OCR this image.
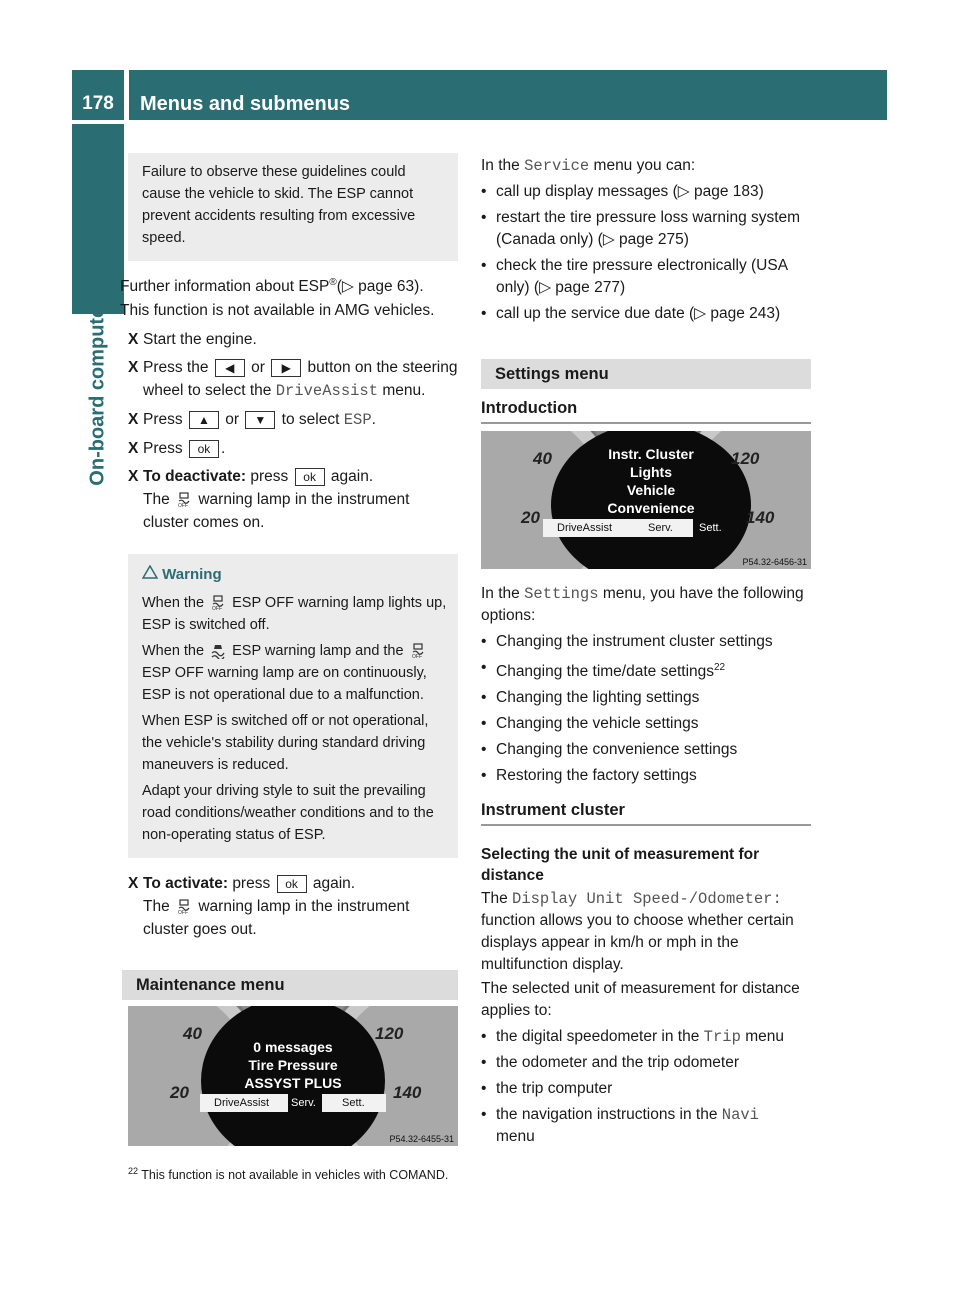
178	Menus and submenus
On-board computer and displays

Failure to observe these guidelines could cause the vehicle to skid. The ESP cannot prevent accidents resulting from excessive speed.

Further information about ESP®(▷ page 63).

This function is not available in AMG vehicles.

X Start the engine.
X Press the ◀ or ▶ button on the steering wheel to select the DriveAssist menu.
X Press ▲ or ▼ to select ESP.
X Press ok .
X To deactivate: press ok again.
The OFF warning lamp in the instrument cluster comes on.
Warning

When the OFF ESP OFF warning lamp lights up, ESP is switched off.

When the ESP warning lamp and the OFF
ESP OFF warning lamp are on continuously, ESP is not operational due to a malfunction.

When ESP is switched off or not operational, the vehicle's stability during standard driving maneuvers is reduced.

Adapt your driving style to suit the prevailing road conditions/weather conditions and to the non-operating status of ESP.

X To activate: press ok again.
The OFF warning lamp in the instrument cluster goes out.
Maintenance menu
40
20
120
140
0 messages
Tire Pressure
ASSYST PLUS
DriveAssist Serv. Sett.
P54.32-6455-31

In the Service menu you can:

• call up display messages (▷ page 183)
• restart the tire pressure loss warning system (Canada only) (▷ page 275)
• check the tire pressure electronically (USA only) (▷ page 277)
• call up the service due date (▷ page 243)
Settings menu
Introduction
40
20
120
140
Instr. Cluster
Lights
Vehicle
Convenience
DriveAssist	Serv. Sett.
P54.32-6456-31

In the Settings menu, you have the following options:

• Changing the instrument cluster settings
• Changing the time/date settings$^{22}$
• Changing the lighting settings
• Changing the vehicle settings
• Changing the convenience settings
• Restoring the factory settings
Instrument cluster

Selecting the unit of measurement for distance

The Display Unit Speed-/Odometer: function allows you to choose whether certain displays appear in km/h or mph in the multifunction display.

The selected unit of measurement for distance applies to:

• the digital speedometer in the Trip menu
• the odometer and the trip odometer
• the trip computer
• the navigation instructions in the Navi
menu
$^{22}$ This function is not available in vehicles with COMAND.
